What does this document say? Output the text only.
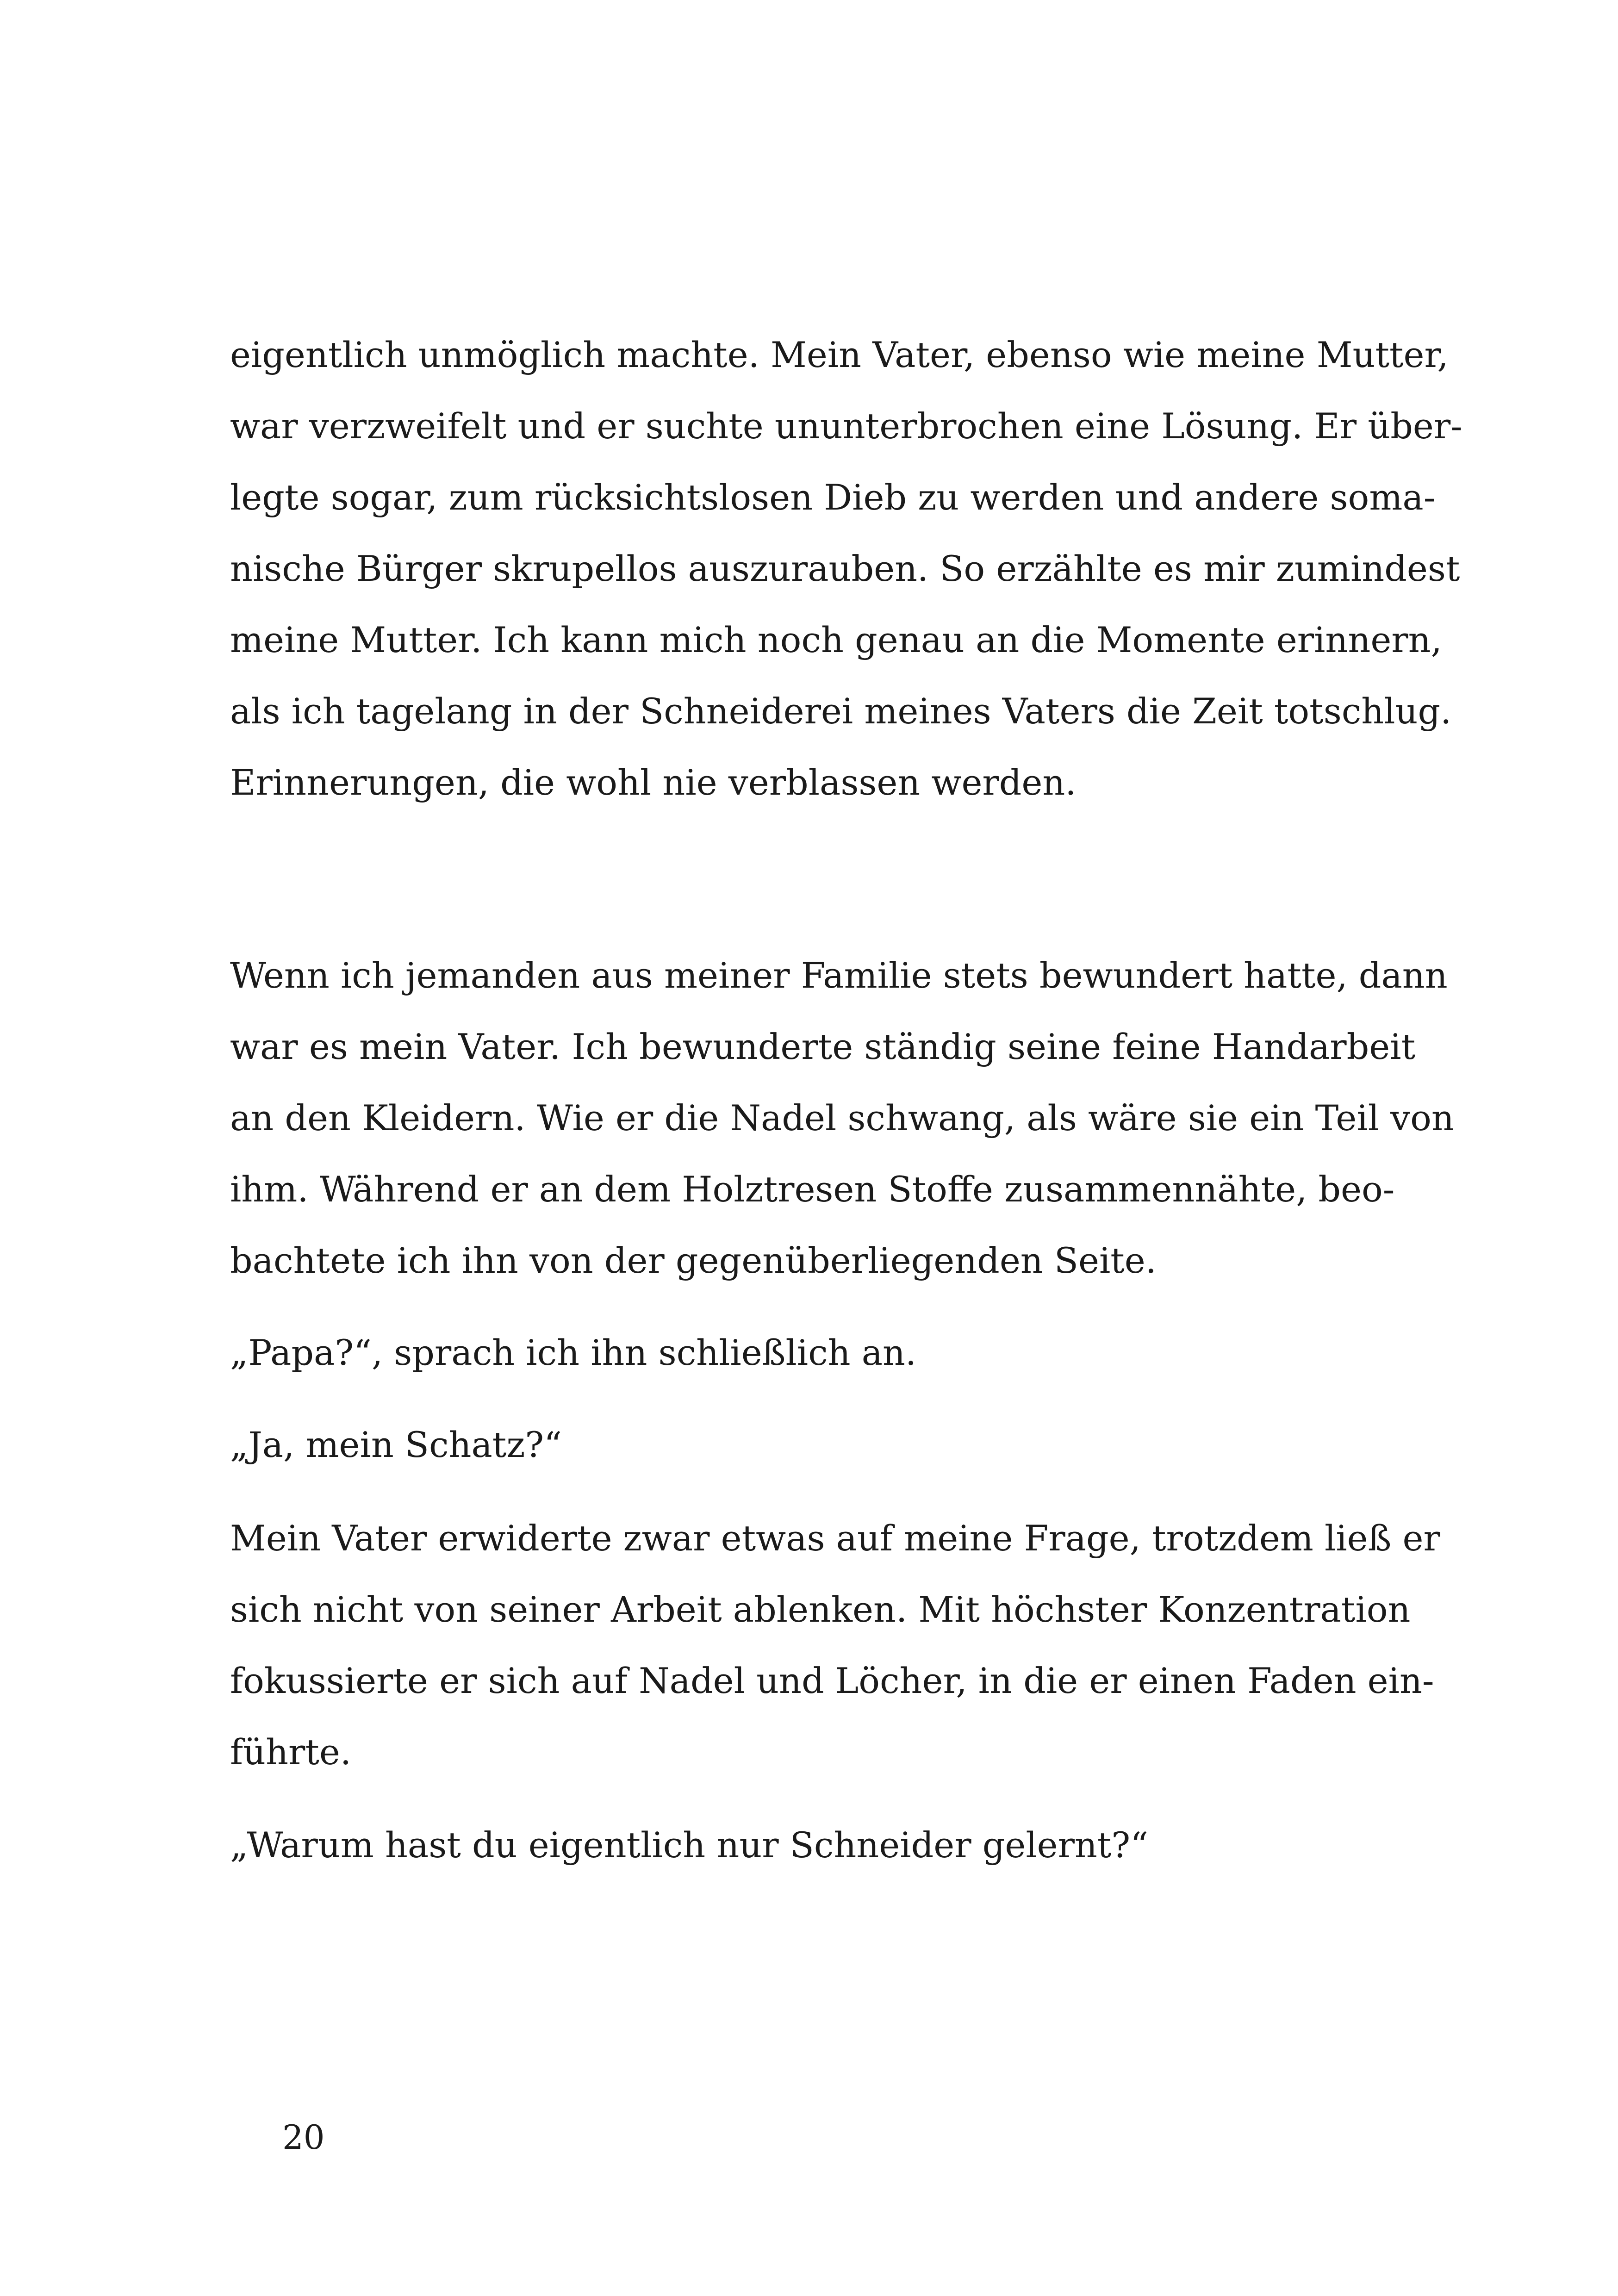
eigentlich unmöglich machte. Mein Vater, ebenso wie meine Mutter,
war verzweifelt und er suchte ununterbrochen eine Lösung. Er über-
legte sogar, zum rücksichtslosen Dieb zu werden und andere soma-
nische Bürger skrupellos auszurauben. So erzählte es mir zumindest
meine Mutter. Ich kann mich noch genau an die Momente erinnern,
als ich tagelang in der Schneiderei meines Vaters die Zeit totschlug.
Erinnerungen, die wohl nie verblassen werden.

Wenn ich jemanden aus meiner Familie stets bewundert hatte, dann
war es mein Vater. Ich bewunderte ständig seine feine Handarbeit
an den Kleidern. Wie er die Nadel schwang, als wäre sie ein Teil von
ihm. Während er an dem Holztresen Stoffe zusammennähte, beo-
bachtete ich ihn von der gegenüberliegenden Seite.

„Papa?“, sprach ich ihn schließlich an.

„Ja, mein Schatz?“

Mein Vater erwiderte zwar etwas auf meine Frage, trotzdem ließ er
sich nicht von seiner Arbeit ablenken. Mit höchster Konzentration
fokussierte er sich auf Nadel und Löcher, in die er einen Faden ein-
führte.

„Warum hast du eigentlich nur Schneider gelernt?“

20
